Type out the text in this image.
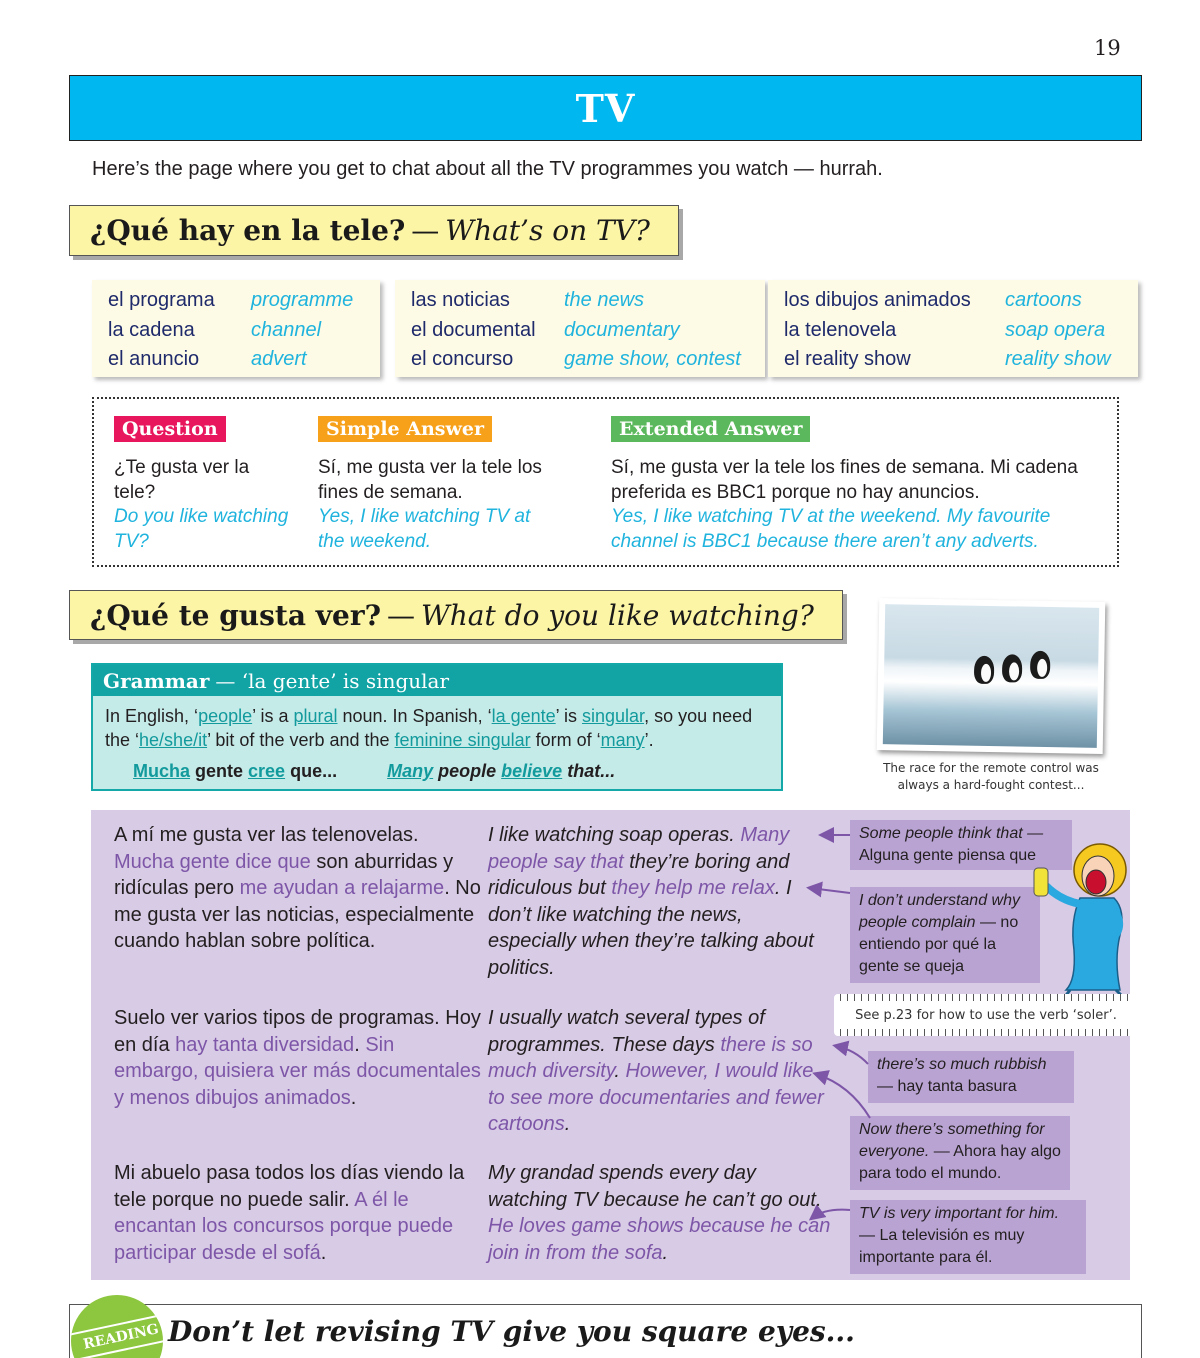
19
TV
Here’s the page where you get to chat about all the TV programmes you watch — hurrah.
¿Qué hay en la tele? — What’s on TV?
el programa	programme
la cadena	channel
el anuncio	advert
las noticias	the news
el documental	documentary
el concurso	game show, contest
los dibujos animados	cartoons
la telenovela	soap opera
el reality show	reality show
Question
¿Te gusta ver la tele?
Do you like watching TV?
Simple Answer
Sí, me gusta ver la tele los fines de semana.
Yes, I like watching TV at the weekend.
Extended Answer
Sí, me gusta ver la tele los fines de semana. Mi cadena preferida es BBC1 porque no hay anuncios.
Yes, I like watching TV at the weekend. My favourite channel is BBC1 because there aren’t any adverts.
¿Qué te gusta ver? — What do you like watching?
Grammar — ‘la gente’ is singular
In English, ‘people’ is a plural noun. In Spanish, ‘la gente’ is singular, so you need the ‘he/she/it’ bit of the verb and the feminine singular form of ‘many’.
Mucha gente cree que...	Many people believe that...	The race for the remote control was always a hard-fought contest...
A mí me gusta ver las telenovelas. Mucha gente dice que son aburridas y ridículas pero me ayudan a relajarme. No me gusta ver las noticias, especialmente cuando hablan sobre política.
I like watching soap operas. Many people say that they’re boring and ridiculous but they help me relax. I don’t like watching the news, especially when they’re talking about politics.
Suelo ver varios tipos de programas. Hoy en día hay tanta diversidad. Sin embargo, quisiera ver más documentales y menos dibujos animados.
I usually watch several types of programmes. These days there is so much diversity. However, I would like to see more documentaries and fewer cartoons.
Mi abuelo pasa todos los días viendo la tele porque no puede salir. A él le encantan los concursos porque puede participar desde el sofá.
My grandad spends every day watching TV because he can’t go out. He loves game shows because he can join in from the sofa.
Some people think that —
Alguna gente piensa que
I don’t understand why people complain — no entiendo por qué la gente se queja
there’s so much rubbish
— hay tanta basura
Now there’s something for everyone. — Ahora hay algo para todo el mundo.
TV is very important for him. — La televisión es muy importante para él.
See p.23 for how to use the verb ‘soler’.
READING Don’t let revising TV give you square eyes...
